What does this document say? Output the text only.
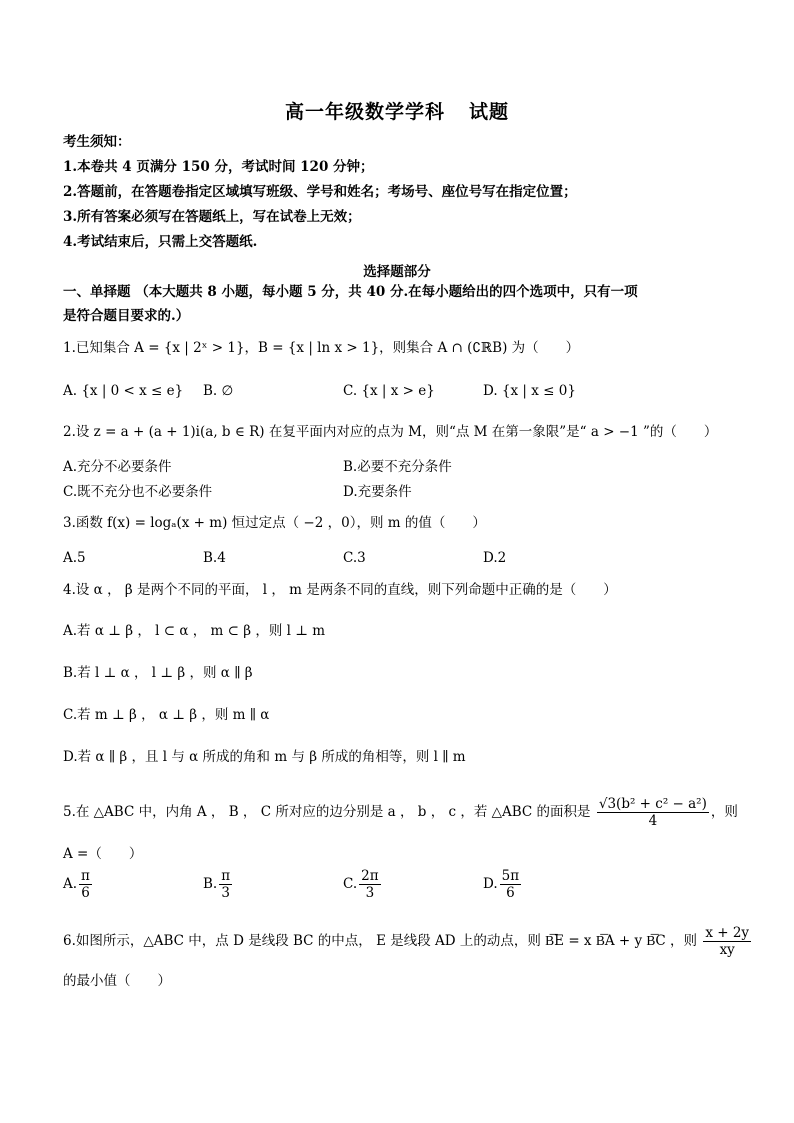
高一年级数学学科 试题
考生须知：
1.本卷共 4 页满分 150 分，考试时间 120 分钟；
2.答题前，在答题卷指定区域填写班级、学号和姓名；考场号、座位号写在指定位置；
3.所有答案必须写在答题纸上，写在试卷上无效；
4.考试结束后，只需上交答题纸.
选择题部分
一、单择题 （本大题共 8 小题，每小题 5 分，共 40 分.在每小题给出的四个选项中，只有一项
是符合题目要求的.）
1.已知集合 A = {x | 2ˣ > 1}，B = {x | ln x > 1}，则集合 A ∩ (∁ℝB) 为（　　）
A. {x | 0 < x ≤ e} B. ∅	C. {x | x > e}	D. {x | x ≤ 0}
2.设 z = a + (a + 1)i(a, b ∈ R) 在复平面内对应的点为 M，则“点 M 在第一象限”是“ a > −1 ”的（　　）
A.充分不必要条件	B.必要不充分条件
C.既不充分也不必要条件	D.充要条件
3.函数 f(x) = logₐ(x + m) 恒过定点（ −2 ，0），则 m 的值（　　）
A.5	B.4	C.3	D.2
4.设 α ， β 是两个不同的平面， l ， m 是两条不同的直线，则下列命题中正确的是（　　）
A.若 α ⊥ β ， l ⊂ α ， m ⊂ β ，则 l ⊥ m
B.若 l ⊥ α ， l ⊥ β ，则 α ∥ β
C.若 m ⊥ β ， α ⊥ β ，则 m ∥ α
D.若 α ∥ β ，且 l 与 α 所成的角和 m 与 β 所成的角相等，则 l ∥ m
5.在 △ABC 中，内角 A ， B ， C 所对应的边分别是 a ， b ， c ，若 △ABC 的面积是 $\frac{\text{√3(b² + c² − a²)}}{4}$ ，则
A =（　　）
A. $\frac{\pi}{6}$	B. $\frac{\pi}{3}$	C. $\frac{2\pi}{3}$	D. $\frac{5\pi}{6}$
6.如图所示，△ABC 中，点 D 是线段 BC 的中点， E 是线段 AD 上的动点，则 B͞E = x B͞A + y B͞C ，则 $\frac{x + 2y}{xy}$
的最小值（　　）
